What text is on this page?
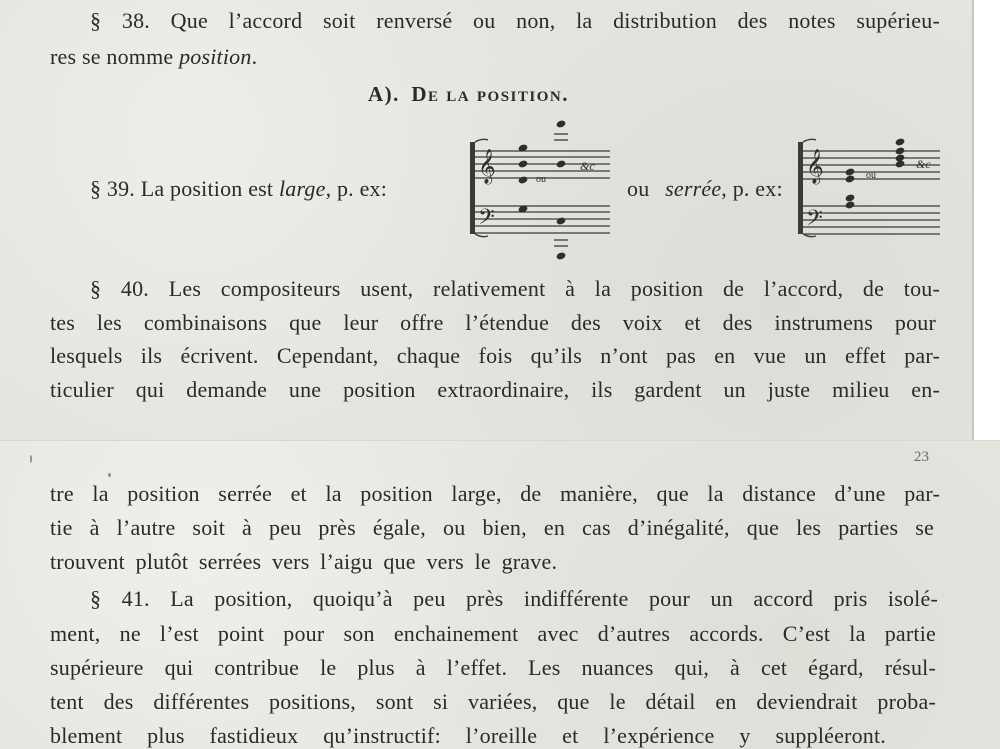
§ 38. Que l’accord soit renversé ou non, la distribution des notes supérieu-
res se nomme position.
A). De la position.
§ 39. La position est large, p. ex:	ou serrée, p. ex:
𝄞
𝄢
ou
&c	𝄞
𝄢
ou
&c
§ 40. Les compositeurs usent, relativement à la position de l’accord, de tou-
tes les combinaisons que leur offre l’étendue des voix et des instrumens pour
lesquels ils écrivent. Cependant, chaque fois qu’ils n’ont pas en vue un effet par-
ticulier qui demande une position extraordinaire, ils gardent un juste milieu en-
23
tre la position serrée et la position large, de manière, que la distance d’une par-
tie à l’autre soit à peu près égale, ou bien, en cas d’inégalité, que les parties se
trouvent plutôt serrées vers l’aigu que vers le grave.
§ 41. La position, quoiqu’à peu près indifférente pour un accord pris isolé-
ment, ne l’est point pour son enchainement avec d’autres accords. C’est la partie
supérieure qui contribue le plus à l’effet. Les nuances qui, à cet égard, résul-
tent des différentes positions, sont si variées, que le détail en deviendrait proba-
blement plus fastidieux qu’instructif: l’oreille et l’expérience y suppléeront.
